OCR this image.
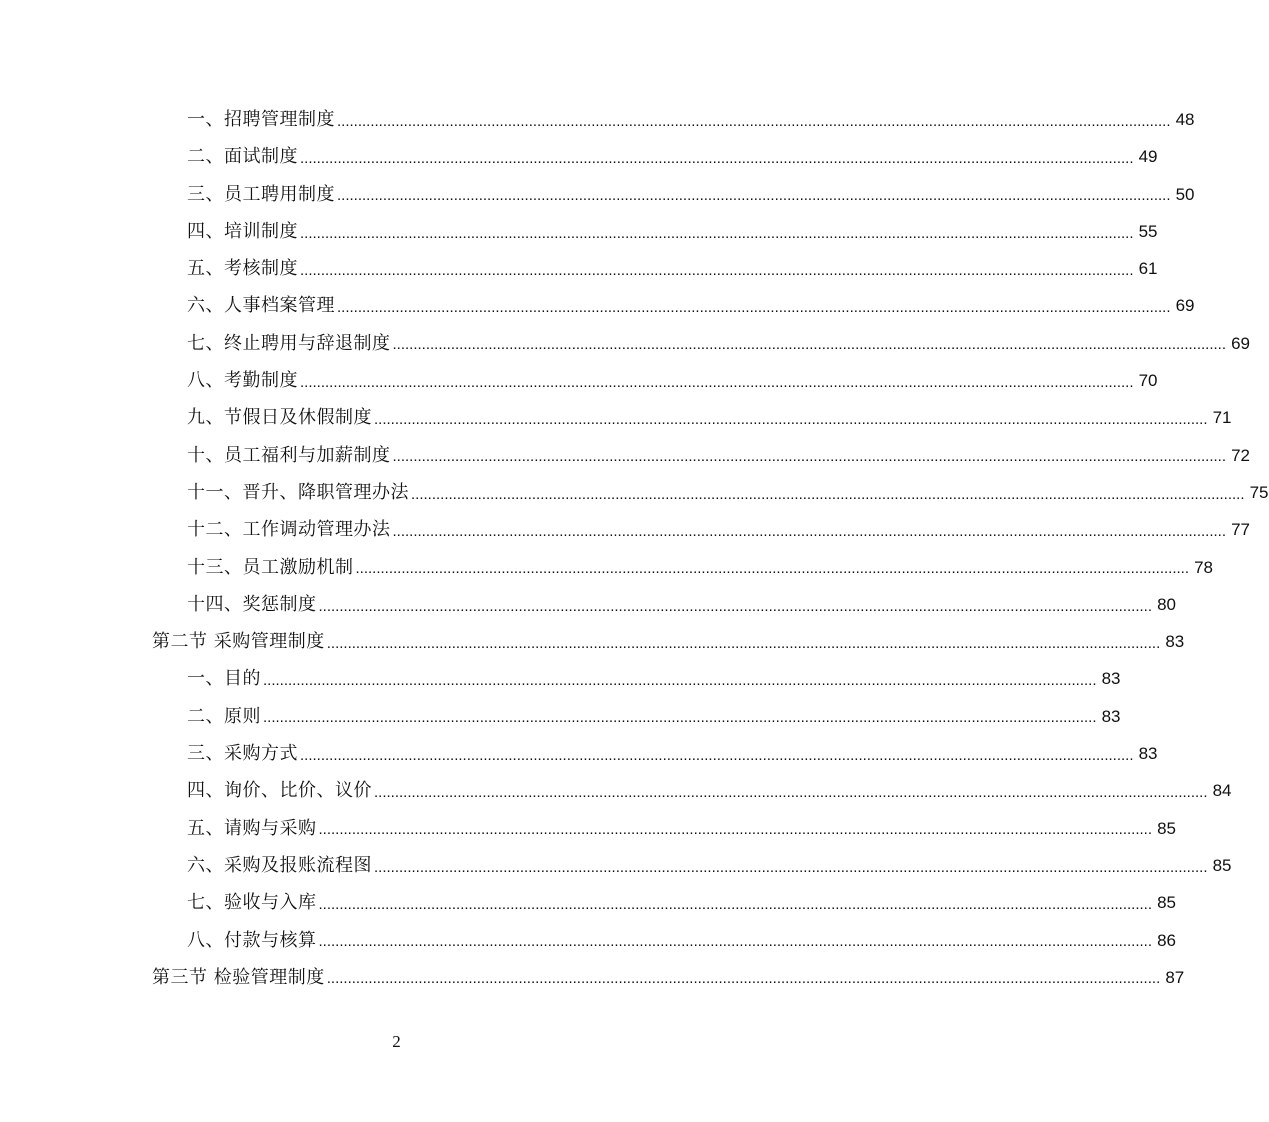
一、招聘管理制度 ........................................................................................................................................................................................................ 48
二、面试制度 ........................................................................................................................................................................................................ 49
三、员工聘用制度 ........................................................................................................................................................................................................ 50
四、培训制度 ........................................................................................................................................................................................................ 55
五、考核制度 ........................................................................................................................................................................................................ 61
六、人事档案管理 ........................................................................................................................................................................................................ 69
七、终止聘用与辞退制度 ........................................................................................................................................................................................................ 69
八、考勤制度 ........................................................................................................................................................................................................ 70
九、节假日及休假制度 ........................................................................................................................................................................................................ 71
十、员工福利与加薪制度 ........................................................................................................................................................................................................ 72
十一、晋升、降职管理办法 ........................................................................................................................................................................................................ 75
十二、工作调动管理办法 ........................................................................................................................................................................................................ 77
十三、员工激励机制 ........................................................................................................................................................................................................ 78
十四、奖惩制度 ........................................................................................................................................................................................................ 80
第二节 采购管理制度 ........................................................................................................................................................................................................ 83
一、目的 ........................................................................................................................................................................................................ 83
二、原则 ........................................................................................................................................................................................................ 83
三、采购方式 ........................................................................................................................................................................................................ 83
四、询价、比价、议价 ........................................................................................................................................................................................................ 84
五、请购与采购 ........................................................................................................................................................................................................ 85
六、采购及报账流程图 ........................................................................................................................................................................................................ 85
七、验收与入库 ........................................................................................................................................................................................................ 85
八、付款与核算 ........................................................................................................................................................................................................ 86
第三节 检验管理制度 ........................................................................................................................................................................................................ 87
2
